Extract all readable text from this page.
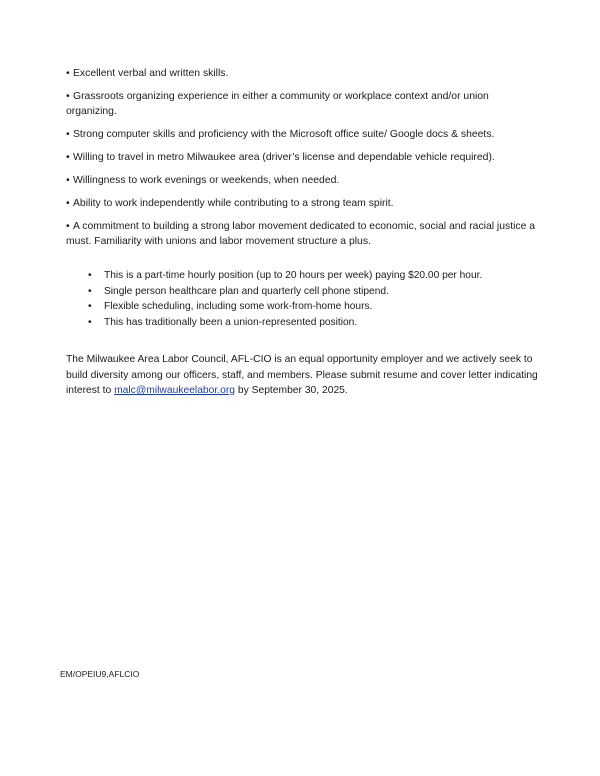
• Excellent verbal and written skills.
• Grassroots organizing experience in either a community or workplace context and/or union organizing.
• Strong computer skills and proficiency with the Microsoft office suite/ Google docs & sheets.
• Willing to travel in metro Milwaukee area (driver’s license and dependable vehicle required).
• Willingness to work evenings or weekends, when needed.
• Ability to work independently while contributing to a strong team spirit.
• A commitment to building a strong labor movement dedicated to economic, social and racial justice a must. Familiarity with unions and labor movement structure a plus.
• This is a part-time hourly position (up to 20 hours per week) paying $20.00 per hour.
• Single person healthcare plan and quarterly cell phone stipend.
• Flexible scheduling, including some work-from-home hours.
• This has traditionally been a union-represented position.

The Milwaukee Area Labor Council, AFL-CIO is an equal opportunity employer and we actively seek to build diversity among our officers, staff, and members. Please submit resume and cover letter indicating interest to malc@milwaukeelabor.org by September 30, 2025.

EM/OPEIU9,AFLCIO
